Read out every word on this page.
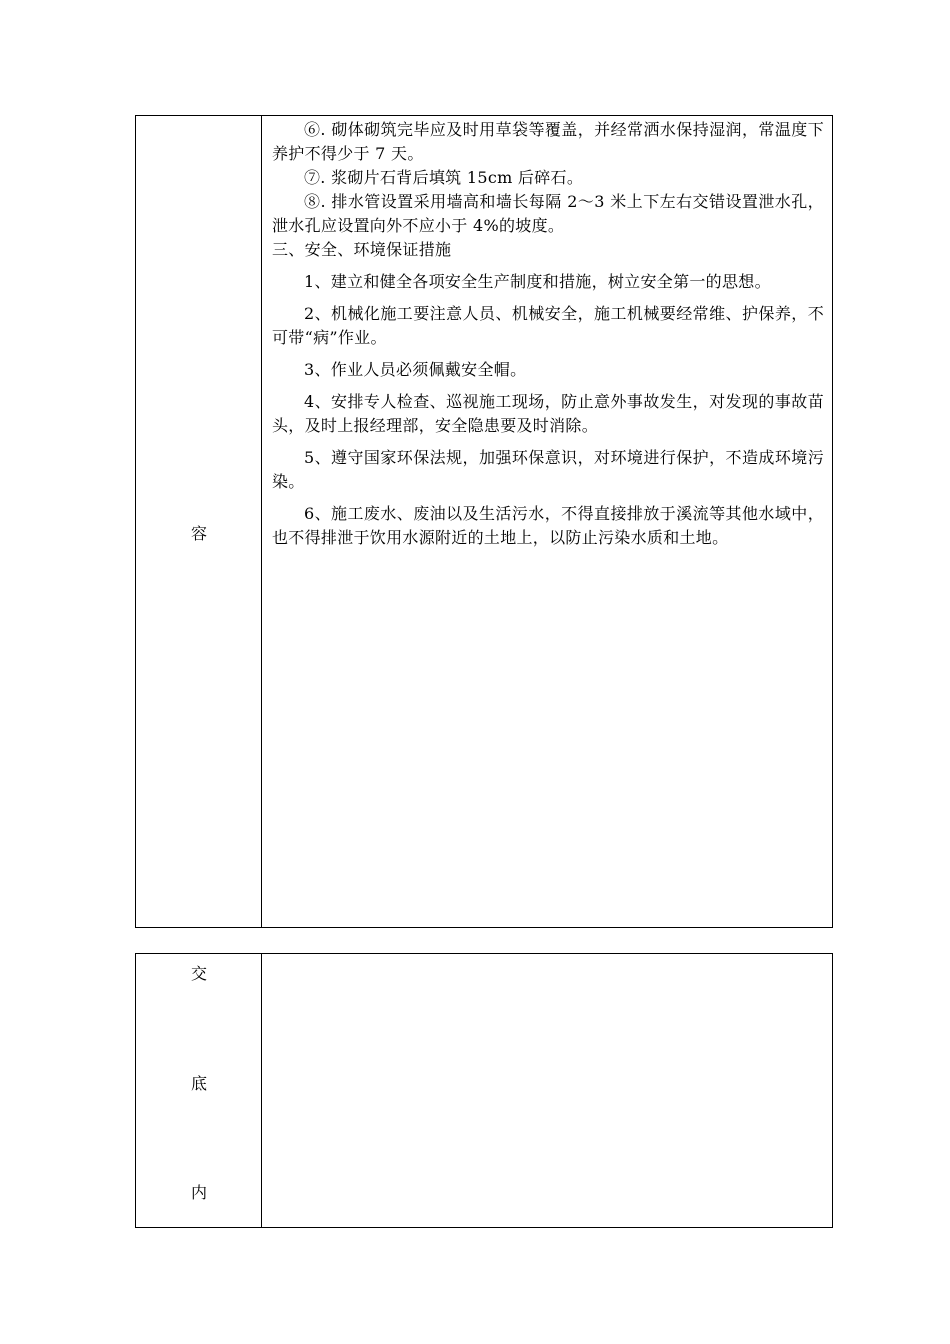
容

⑥. 砌体砌筑完毕应及时用草袋等覆盖，并经常洒水保持湿润，常温度下养护不得少于 7 天。

⑦. 浆砌片石背后填筑 15cm 后碎石。

⑧. 排水管设置采用墙高和墙长每隔 2～3 米上下左右交错设置泄水孔，泄水孔应设置向外不应小于 4%的坡度。

三、安全、环境保证措施

1、建立和健全各项安全生产制度和措施，树立安全第一的思想。

2、机械化施工要注意人员、机械安全，施工机械要经常维、护保养，不可带“病”作业。

3、作业人员必须佩戴安全帽。

4、安排专人检查、巡视施工现场，防止意外事故发生，对发现的事故苗头，及时上报经理部，安全隐患要及时消除。

5、遵守国家环保法规，加强环保意识，对环境进行保护，不造成环境污染。

6、施工废水、废油以及生活污水，不得直接排放于溪流等其他水域中，也不得排泄于饮用水源附近的土地上，以防止污染水质和土地。

交
底
内
